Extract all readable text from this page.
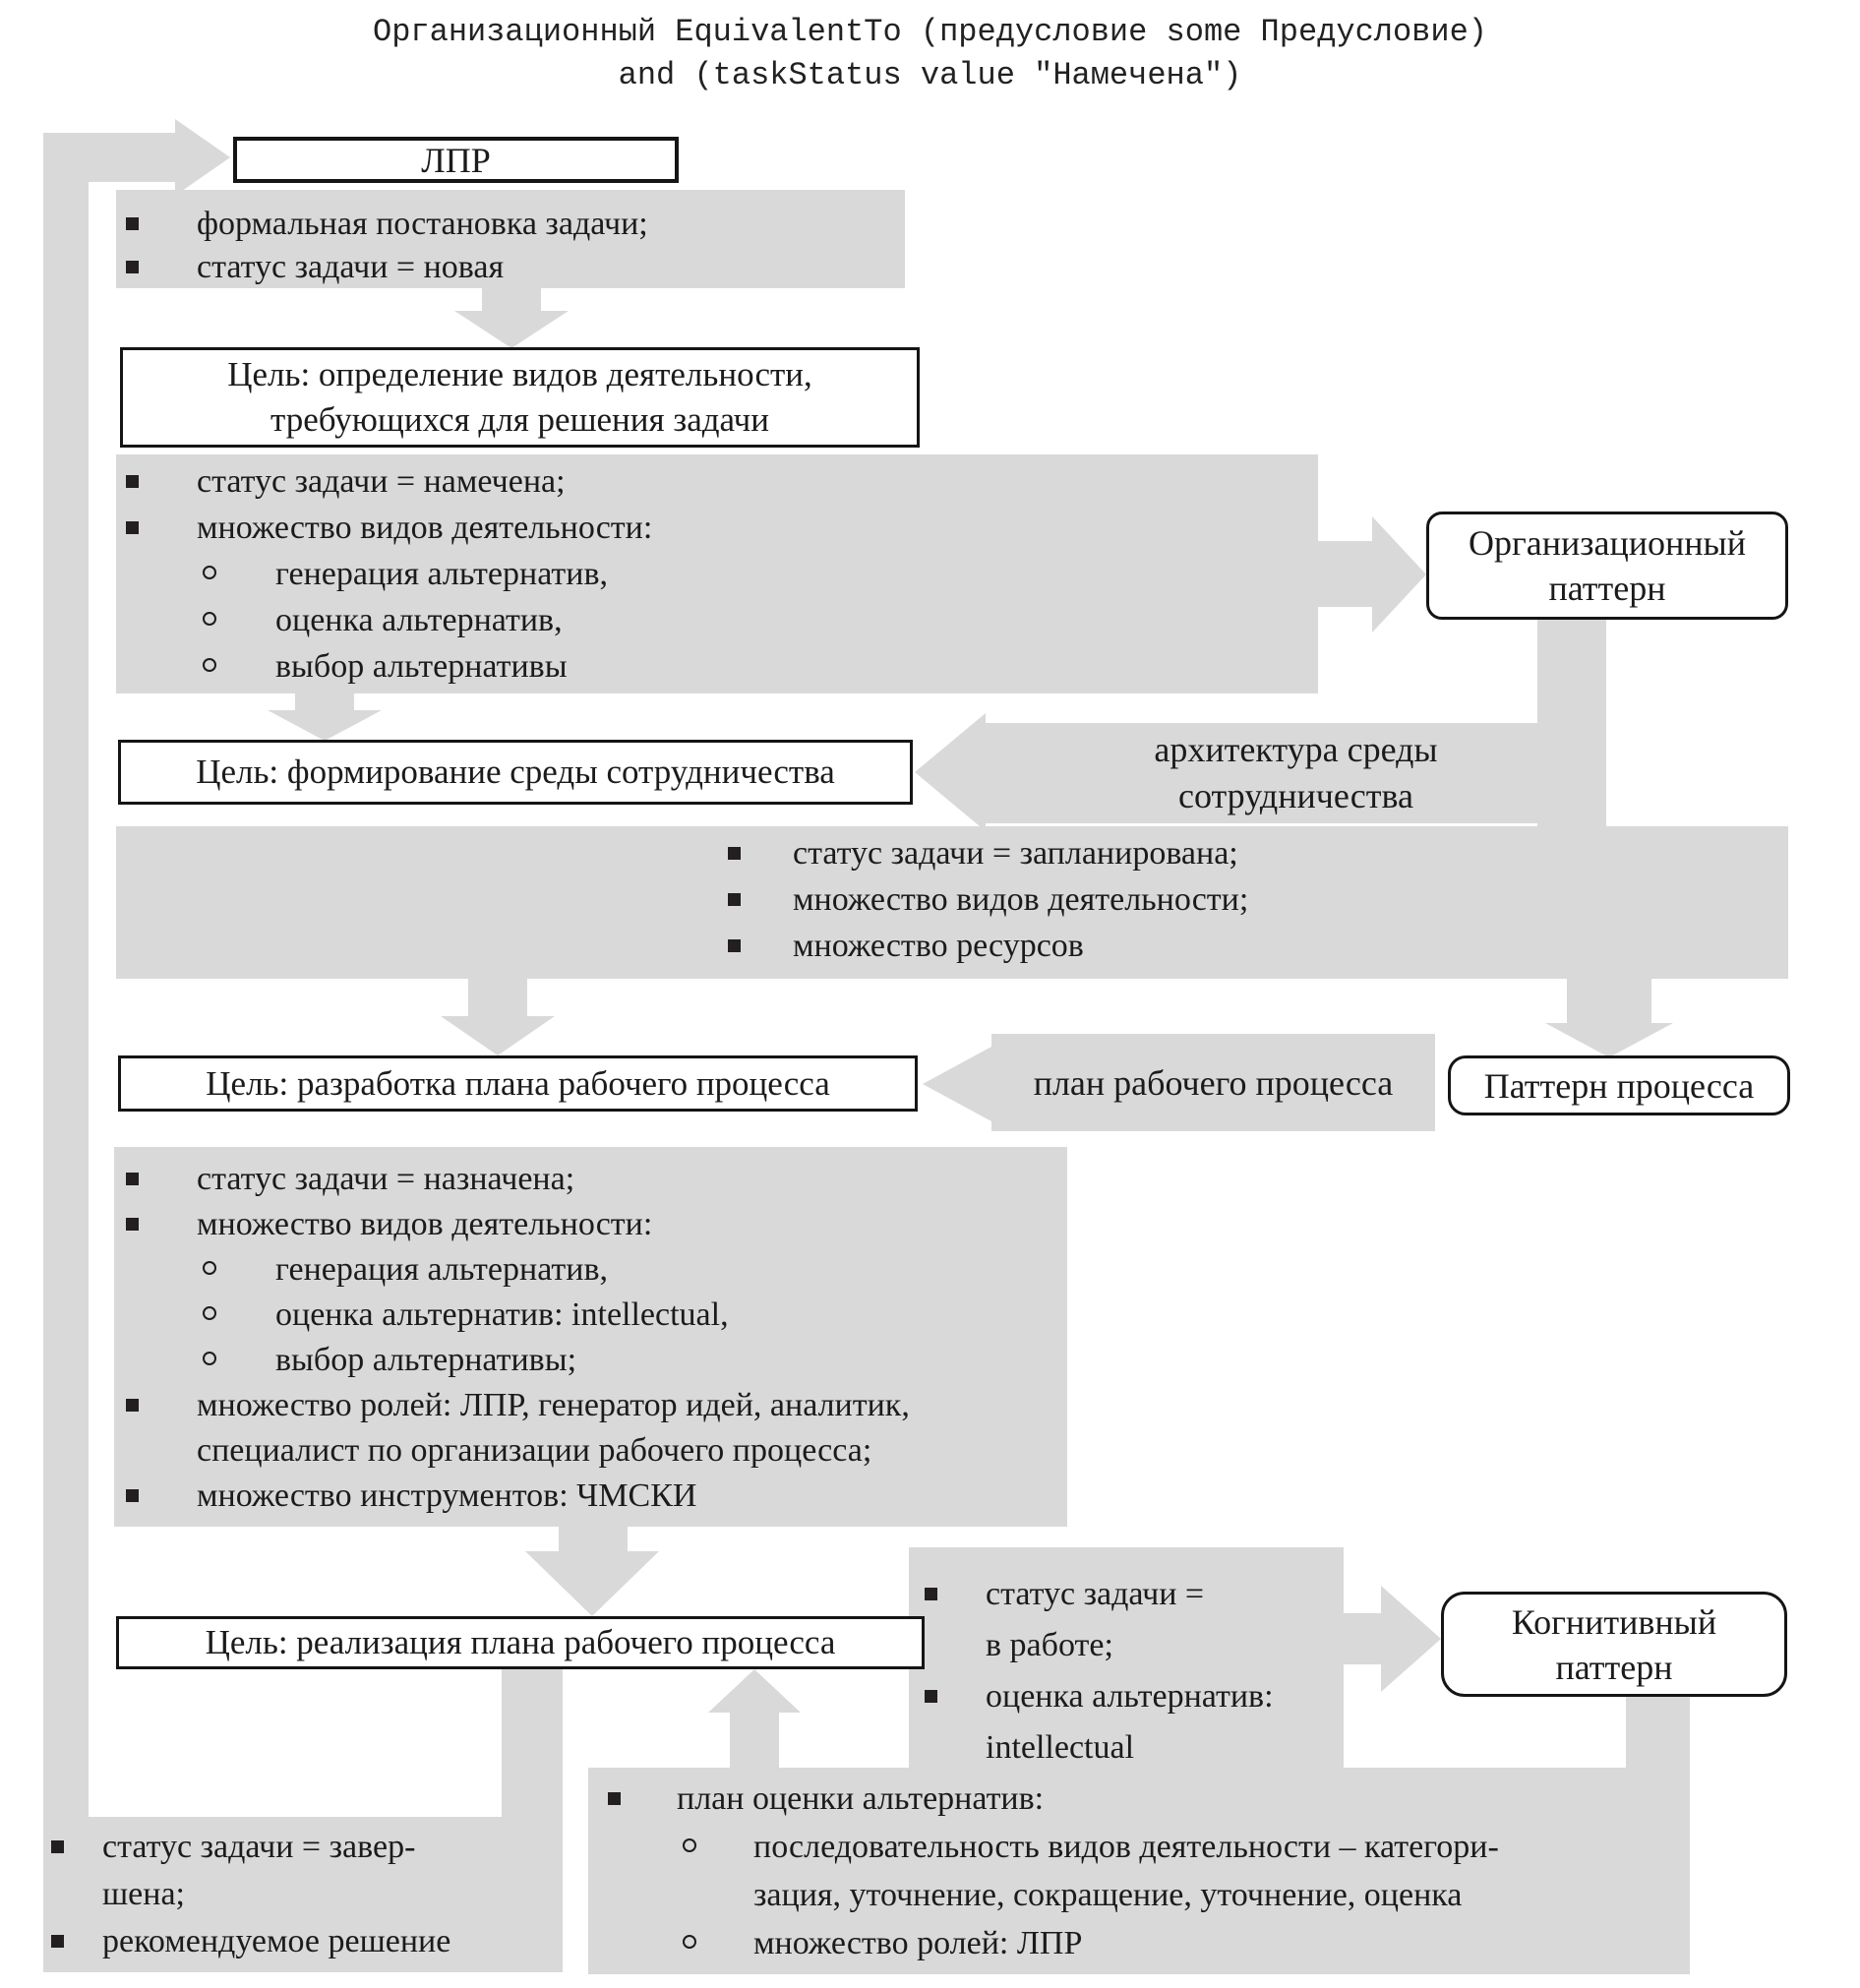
Организационный EquivalentTo (предусловие some Предусловие)
and (taskStatus value "Намечена")
ЛПР
формальная постановка задачи;
статус задачи = новая
Цель: определение видов деятельности,
требующихся для решения задачи
статус задачи = намечена;
множество видов деятельности:
генерация альтернатив,
оценка альтернатив,
выбор альтернативы
Организационный
паттерн
архитектура среды
сотрудничества
Цель: формирование среды сотрудничества
статус задачи = запланирована;
множество видов деятельности;
множество ресурсов
Цель: разработка плана рабочего процесса	план рабочего процесса	Паттерн процесса
статус задачи = назначена;
множество видов деятельности:
генерация альтернатив,
оценка альтернатив: intellectual,
выбор альтернативы;
множество ролей: ЛПР, генератор идей, аналитик,
специалист по организации рабочего процесса;
множество инструментов: ЧМСКИ
статус задачи =
в работе;
оценка альтернатив:
intellectual
Цель: реализация плана рабочего процесса
Когнитивный
паттерн
статус задачи = завер-
шена;
рекомендуемое решение
план оценки альтернатив:
последовательность видов деятельности – категори-
зация, уточнение, сокращение, уточнение, оценка
множество ролей: ЛПР
